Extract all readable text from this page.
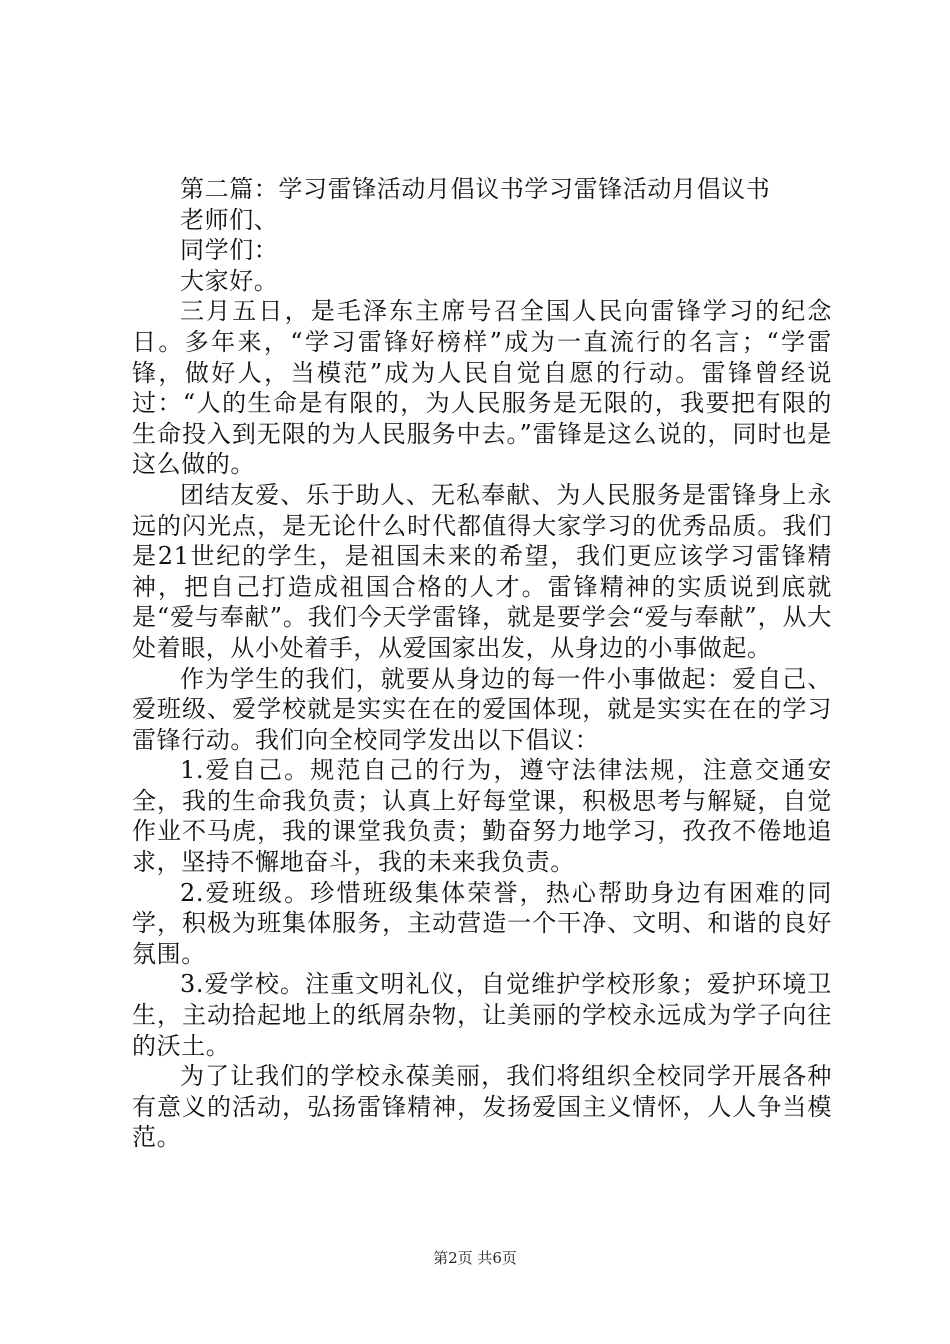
第二篇：学习雷锋活动月倡议书学习雷锋活动月倡议书

老师们、

同学们：

大家好。

三月五日，是毛泽东主席号召全国人民向雷锋学习的纪念日。多年来，“学习雷锋好榜样”成为一直流行的名言；“学雷锋，做好人，当模范”成为人民自觉自愿的行动。雷锋曾经说过：“人的生命是有限的，为人民服务是无限的，我要把有限的生命投入到无限的为人民服务中去。”雷锋是这么说的，同时也是这么做的。

团结友爱、乐于助人、无私奉献、为人民服务是雷锋身上永远的闪光点，是无论什么时代都值得大家学习的优秀品质。我们是21世纪的学生，是祖国未来的希望，我们更应该学习雷锋精神，把自己打造成祖国合格的人才。雷锋精神的实质说到底就是“爱与奉献”。我们今天学雷锋，就是要学会“爱与奉献”，从大处着眼，从小处着手，从爱国家出发，从身边的小事做起。

作为学生的我们，就要从身边的每一件小事做起：爱自己、爱班级、爱学校就是实实在在的爱国体现，就是实实在在的学习雷锋行动。我们向全校同学发出以下倡议：

1.爱自己。规范自己的行为，遵守法律法规，注意交通安全，我的生命我负责；认真上好每堂课，积极思考与解疑，自觉作业不马虎，我的课堂我负责；勤奋努力地学习，孜孜不倦地追求，坚持不懈地奋斗，我的未来我负责。

2.爱班级。珍惜班级集体荣誉，热心帮助身边有困难的同学，积极为班集体服务，主动营造一个干净、文明、和谐的良好氛围。

3.爱学校。注重文明礼仪，自觉维护学校形象；爱护环境卫生，主动拾起地上的纸屑杂物，让美丽的学校永远成为学子向往的沃土。

为了让我们的学校永葆美丽，我们将组织全校同学开展各种有意义的活动，弘扬雷锋精神，发扬爱国主义情怀，人人争当模范。

第2页 共6页
